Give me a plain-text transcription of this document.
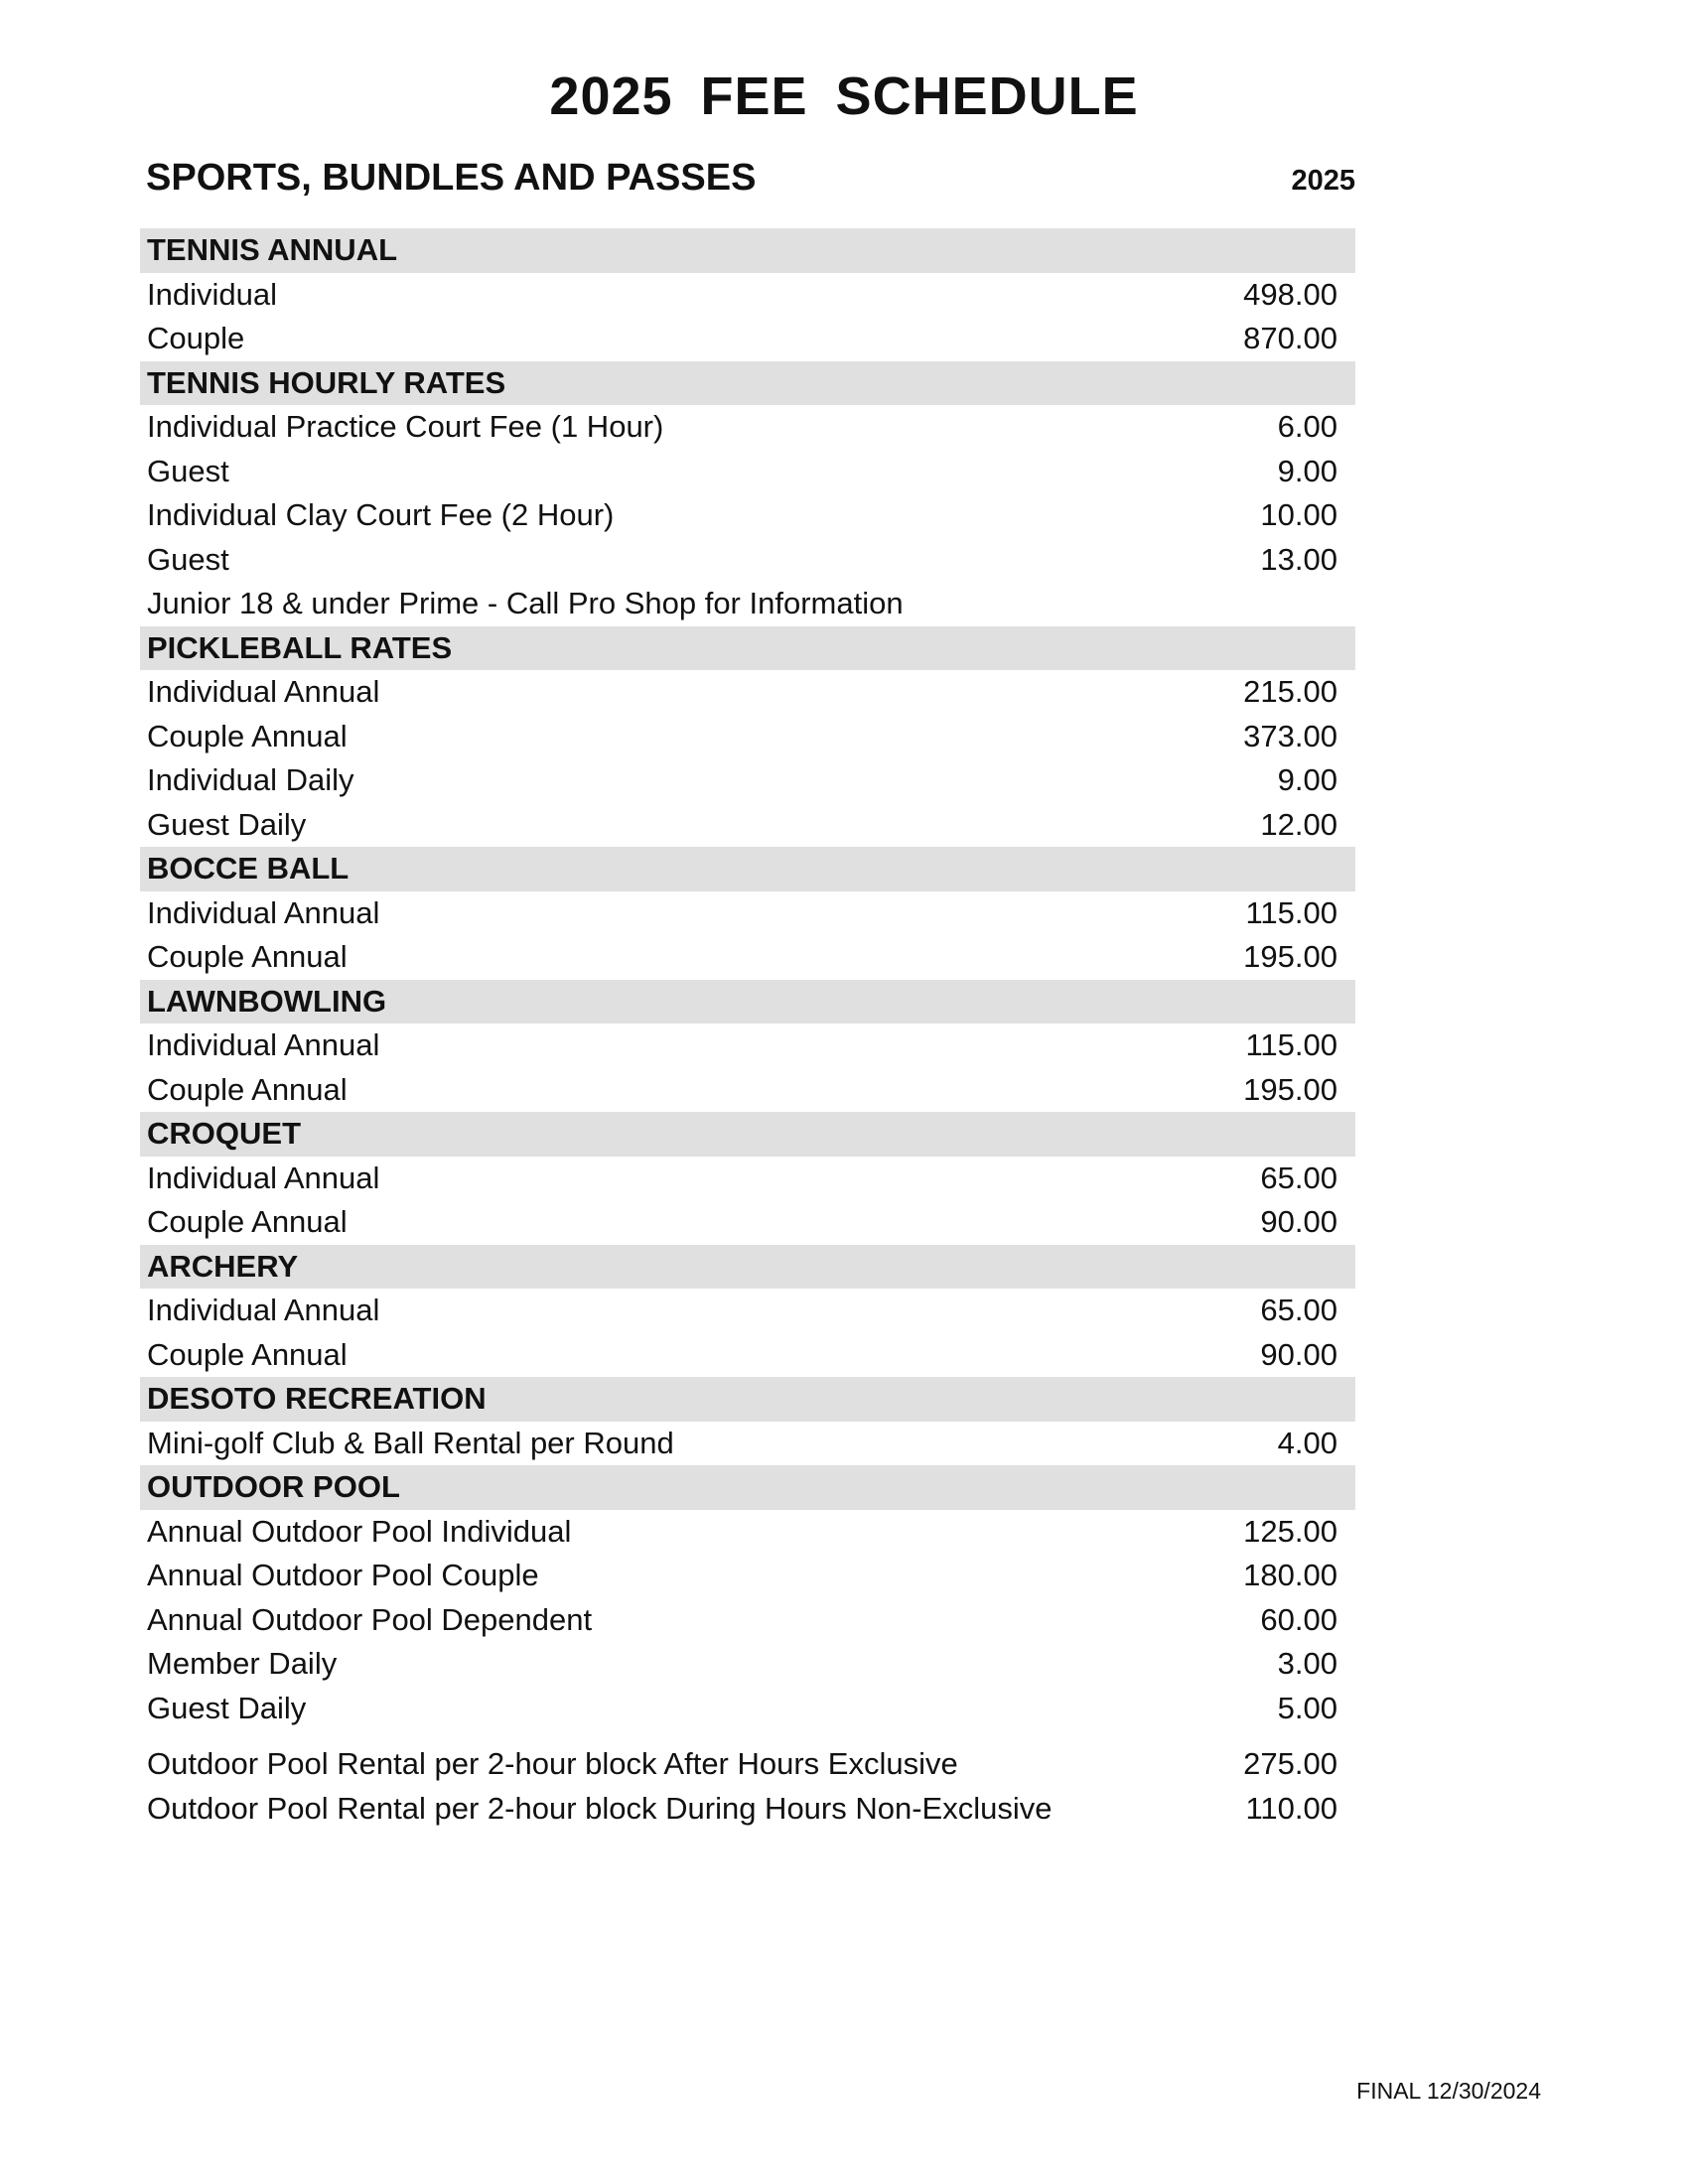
2025 FEE SCHEDULE
SPORTS, BUNDLES AND PASSES	2025
TENNIS ANNUAL
Individual	498.00
Couple	870.00
TENNIS HOURLY RATES
Individual Practice Court Fee (1 Hour)	6.00
Guest	9.00
Individual Clay Court Fee (2 Hour)	10.00
Guest	13.00
Junior 18 & under Prime - Call Pro Shop for Information
PICKLEBALL RATES
Individual Annual	215.00
Couple Annual	373.00
Individual Daily	9.00
Guest Daily	12.00
BOCCE BALL
Individual Annual	115.00
Couple Annual	195.00
LAWNBOWLING
Individual Annual	115.00
Couple Annual	195.00
CROQUET
Individual Annual	65.00
Couple Annual	90.00
ARCHERY
Individual Annual	65.00
Couple Annual	90.00
DESOTO RECREATION
Mini-golf Club & Ball Rental per Round	4.00
OUTDOOR POOL
Annual Outdoor Pool Individual	125.00
Annual Outdoor Pool Couple	180.00
Annual Outdoor Pool Dependent	60.00
Member Daily	3.00
Guest Daily	5.00
Outdoor Pool Rental per 2-hour block After Hours Exclusive	275.00
Outdoor Pool Rental per 2-hour block During Hours Non-Exclusive	110.00
FINAL 12/30/2024
